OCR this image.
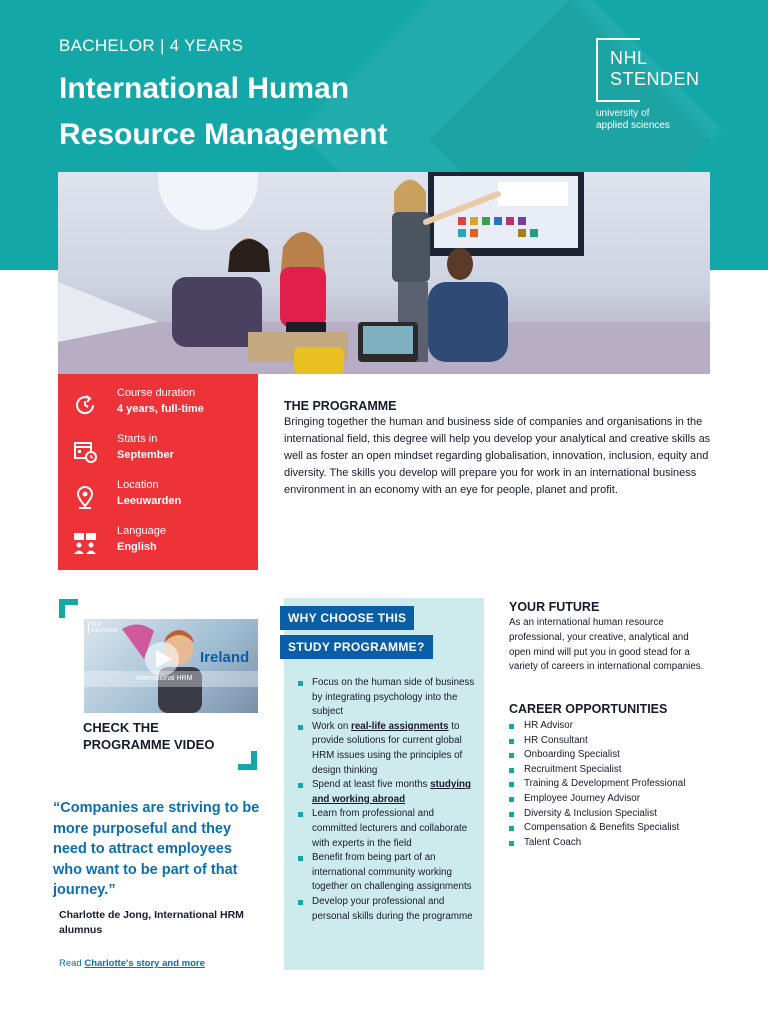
BACHELOR | 4 YEARS
International Human
Resource Management
NHL
STENDEN
university of
applied sciences
Course duration
4 years, full-time
Starts in
September
Location
Leeuwarden
Language
English
THE PROGRAMME
Bringing together the human and business side of companies and organisations in the international field, this degree will help you develop your analytical and creative skills as well as foster an open mindset regarding globalisation, innovation, inclusion, equity and diversity. The skills you develop will prepare you for work in an international business environment in an economy with an eye for people, planet and profit.
NHL
STENDEN
Ireland
International HRM
CHECK THE
PROGRAMME VIDEO
“Companies are striving to be more purposeful and they need to attract employees who want to be part of that journey.”
Charlotte de Jong, International HRM alumnus
Read Charlotte's story and more
WHY CHOOSE THIS
STUDY PROGRAMME?
Focus on the human side of business by integrating psychology into the subject
Work on real-life assignments to provide solutions for current global HRM issues using the principles of design thinking
Spend at least five months studying and working abroad
Learn from professional and committed lecturers and collaborate with experts in the field
Benefit from being part of an international community working together on challenging assignments
Develop your professional and personal skills during the programme
YOUR FUTURE
As an international human resource professional, your creative, analytical and open mind will put you in good stead for a variety of careers in international companies.
CAREER OPPORTUNITIES
HR Advisor
HR Consultant
Onboarding Specialist
Recruitment Specialist
Training & Development Professional
Employee Journey Advisor
Diversity & Inclusion Specialist
Compensation & Benefits Specialist
Talent Coach
